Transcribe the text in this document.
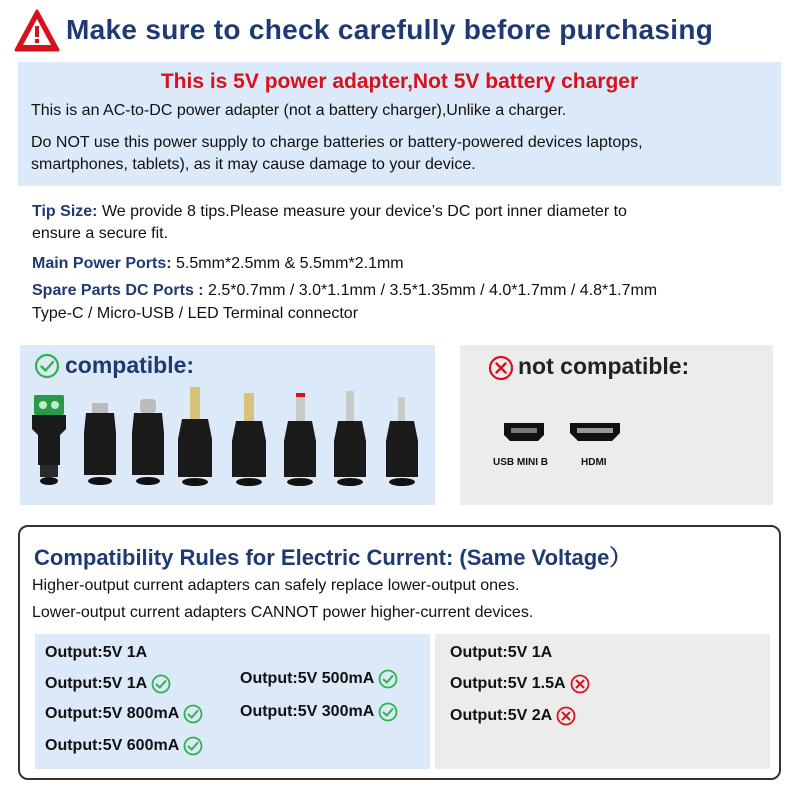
Make sure to check carefully before purchasing
This is 5V power adapter,Not 5V battery charger
This is an AC-to-DC power adapter (not a battery charger),Unlike a charger.
Do NOT use this power supply to charge batteries or battery-powered devices laptops,
smartphones, tablets), as it may cause damage to your device.
Tip Size: We provide 8 tips.Please measure your device’s DC port inner diameter to
ensure a secure fit.
Main Power Ports: 5.5mm*2.5mm & 5.5mm*2.1mm
Spare Parts DC Ports : 2.5*0.7mm / 3.0*1.1mm / 3.5*1.35mm / 4.0*1.7mm / 4.8*1.7mm
Type-C / Micro-USB / LED Terminal connector
compatible:	not compatible:
USB MINI B	HDMI
Compatibility Rules for Electric Current: (Same Voltage）
Higher-output current adapters can safely replace lower-output ones.
Lower-output current adapters CANNOT power higher-current devices.
Output:5V 1A
Output:5V 1A
Output:5V 800mA
Output:5V 600mA
Output:5V 500mA
Output:5V 300mA
Output:5V 1A
Output:5V 1.5A
Output:5V 2A
